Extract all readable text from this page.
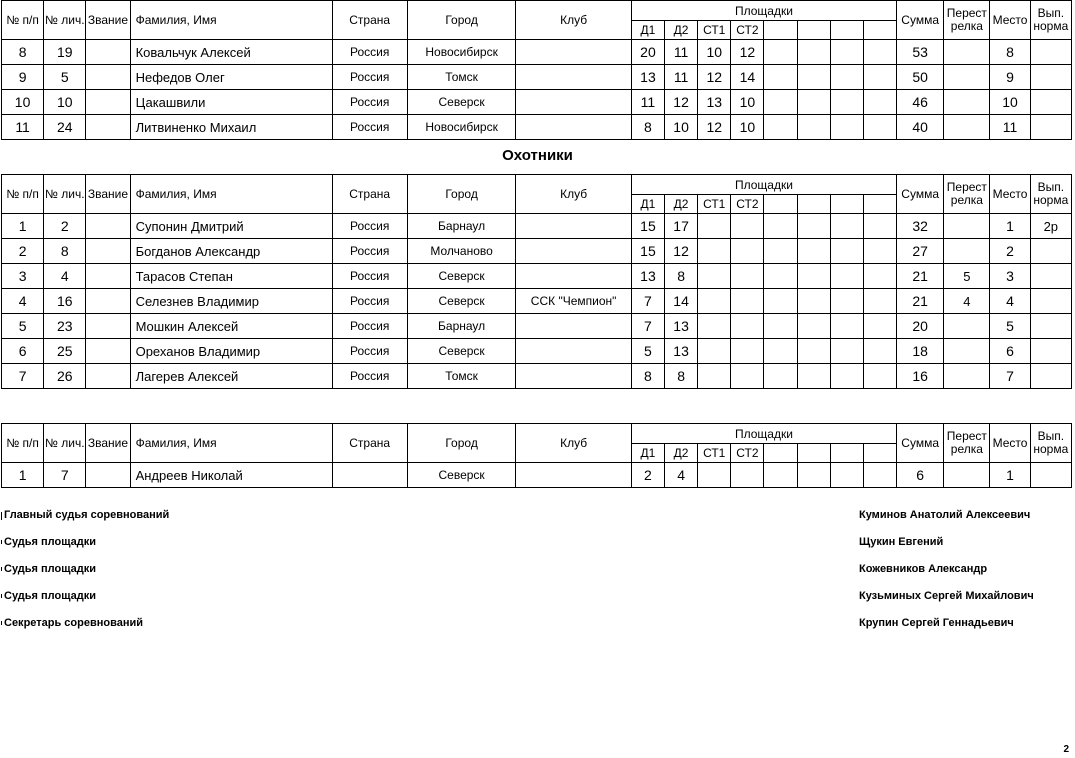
№ п/п	№ лич.	Звание	Фамилия, Имя	Страна	Город	Клуб	Площадки								Сумма	Перестрелка	Место	Вып. норма
							Д1	Д2	СТ1	СТ2								
8	19		Ковальчук Алексей	Россия	Новосибирск		20	11	10	12					53		8	
9	5		Нефедов Олег	Россия	Томск		13	11	12	14					50		9	
10	10		Цакашвили	Россия	Северск		11	12	13	10					46		10	
11	24		Литвиненко Михаил	Россия	Новосибирск		8	10	12	10					40		11	
Охотники
№ п/п	№ лич.	Звание	Фамилия, Имя	Страна	Город	Клуб	Площадки								Сумма	Перестрелка	Место	Вып. норма
							Д1	Д2	СТ1	СТ2								
1	2		Супонин Дмитрий	Россия	Барнаул		15	17							32		1	2р
2	8		Богданов Александр	Россия	Молчаново		15	12							27		2	
3	4		Тарасов Степан	Россия	Северск		13	8							21	5	3	
4	16		Селезнев Владимир	Россия	Северск	ССК "Чемпион"	7	14							21	4	4	
5	23		Мошкин Алексей	Россия	Барнаул		7	13							20		5	
6	25		Ореханов Владимир	Россия	Северск		5	13							18		6	
7	26		Лагерев Алексей	Россия	Томск		8	8							16		7	
№ п/п	№ лич.	Звание	Фамилия, Имя	Страна	Город	Клуб	Площадки								Сумма	Перестрелка	Место	Вып. норма
							Д1	Д2	СТ1	СТ2								
1	7		Андреев Николай		Северск		2	4							6		1	
Главный судья соревнований	Куминов Анатолий Алексеевич
Судья площадки	Щукин Евгений
Судья площадки	Кожевников Александр
Судья площадки	Кузьминых Сергей Михайлович
Секретарь соревнований	Крупин Сергей Геннадьевич
2
